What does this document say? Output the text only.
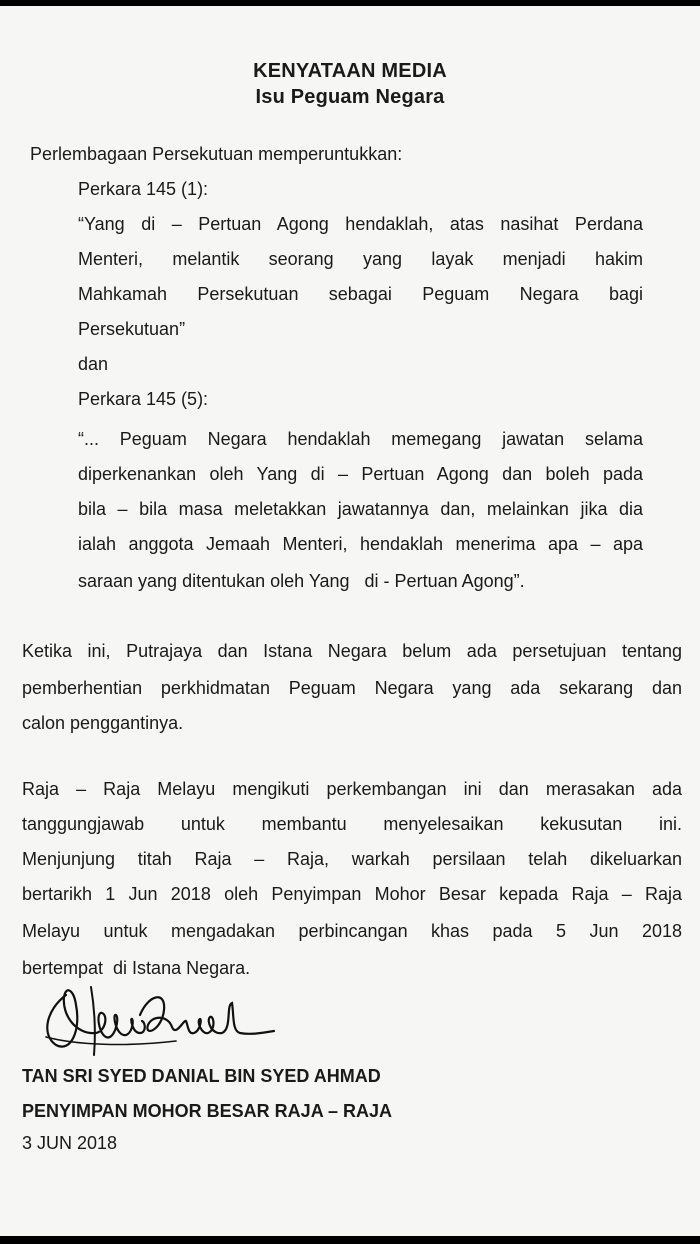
KENYATAAN MEDIA
Isu Peguam Negara
Perlembagaan Persekutuan memperuntukkan:
Perkara 145 (1):
“Yang di – Pertuan Agong hendaklah, atas nasihat Perdana
Menteri, melantik seorang yang layak menjadi hakim
Mahkamah Persekutuan sebagai Peguam Negara bagi
Persekutuan”
dan
Perkara 145 (5):
“... Peguam Negara hendaklah memegang jawatan selama
diperkenankan oleh Yang di – Pertuan Agong dan boleh pada
bila – bila masa meletakkan jawatannya dan, melainkan jika dia
ialah anggota Jemaah Menteri, hendaklah menerima apa – apa
saraan yang ditentukan oleh Yang   di - Pertuan Agong”.
Ketika ini, Putrajaya dan Istana Negara belum ada persetujuan tentang
pemberhentian perkhidmatan Peguam Negara yang ada sekarang dan
calon penggantinya.
Raja – Raja Melayu mengikuti perkembangan ini dan merasakan ada
tanggungjawab untuk membantu menyelesaikan kekusutan ini.
Menjunjung titah Raja – Raja, warkah persilaan telah dikeluarkan
bertarikh 1 Jun 2018 oleh Penyimpan Mohor Besar kepada Raja – Raja
Melayu untuk mengadakan perbincangan khas pada 5 Jun 2018
bertempat  di Istana Negara.
TAN SRI SYED DANIAL BIN SYED AHMAD
PENYIMPAN MOHOR BESAR RAJA – RAJA
3 JUN 2018
